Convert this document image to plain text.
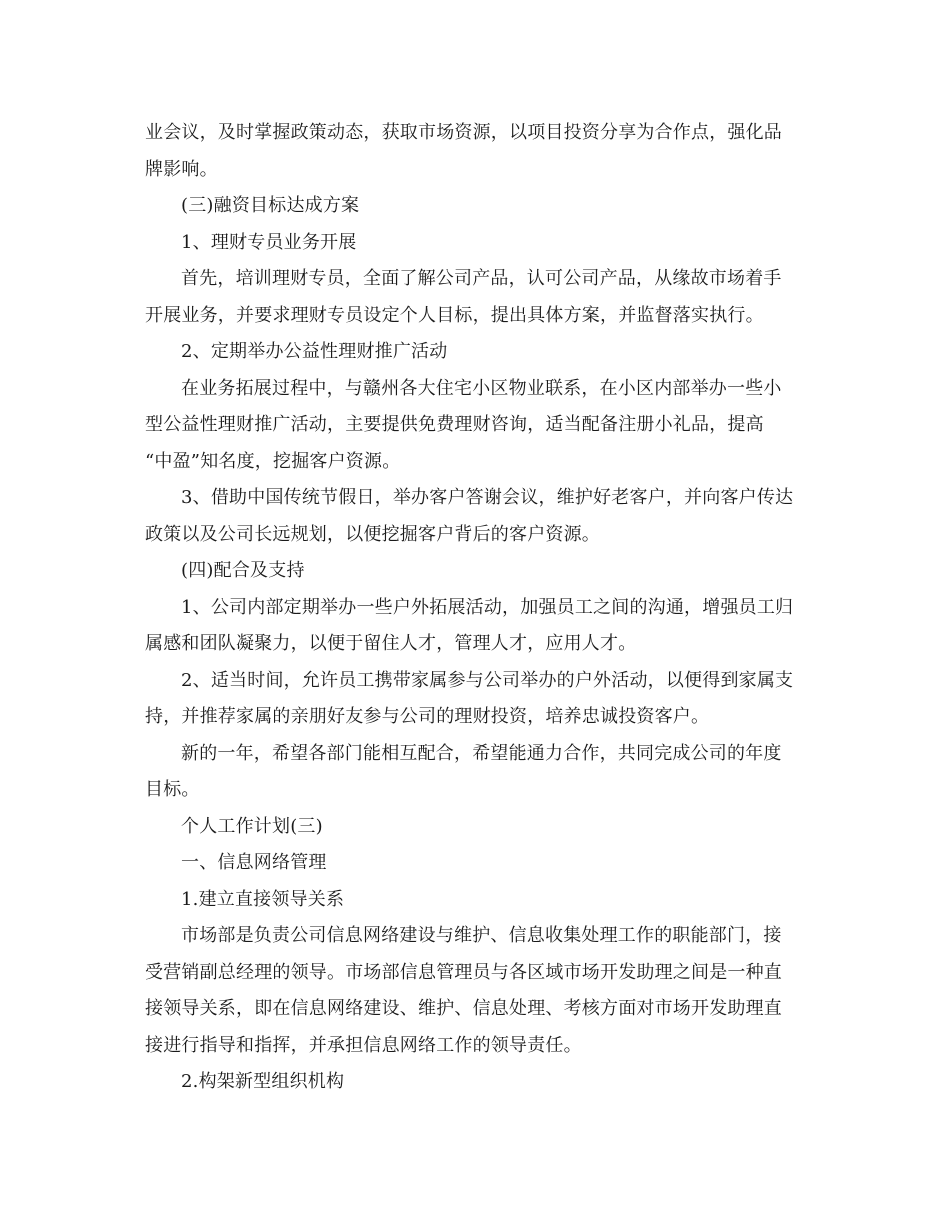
业会议，及时掌握政策动态，获取市场资源，以项目投资分享为合作点，强化品
牌影响。
(三)融资目标达成方案
1、理财专员业务开展
首先，培训理财专员，全面了解公司产品，认可公司产品，从缘故市场着手
开展业务，并要求理财专员设定个人目标，提出具体方案，并监督落实执行。
2、定期举办公益性理财推广活动
在业务拓展过程中，与赣州各大住宅小区物业联系，在小区内部举办一些小
型公益性理财推广活动，主要提供免费理财咨询，适当配备注册小礼品，提高
“中盈”知名度，挖掘客户资源。
3、借助中国传统节假日，举办客户答谢会议，维护好老客户，并向客户传达
政策以及公司长远规划，以便挖掘客户背后的客户资源。
(四)配合及支持
1、公司内部定期举办一些户外拓展活动，加强员工之间的沟通，增强员工归
属感和团队凝聚力，以便于留住人才，管理人才，应用人才。
2、适当时间，允许员工携带家属参与公司举办的户外活动，以便得到家属支
持，并推荐家属的亲朋好友参与公司的理财投资，培养忠诚投资客户。
新的一年，希望各部门能相互配合，希望能通力合作，共同完成公司的年度
目标。
个人工作计划(三)
一、信息网络管理
1.建立直接领导关系
市场部是负责公司信息网络建设与维护、信息收集处理工作的职能部门，接
受营销副总经理的领导。市场部信息管理员与各区域市场开发助理之间是一种直
接领导关系，即在信息网络建设、维护、信息处理、考核方面对市场开发助理直
接进行指导和指挥，并承担信息网络工作的领导责任。
2.构架新型组织机构
